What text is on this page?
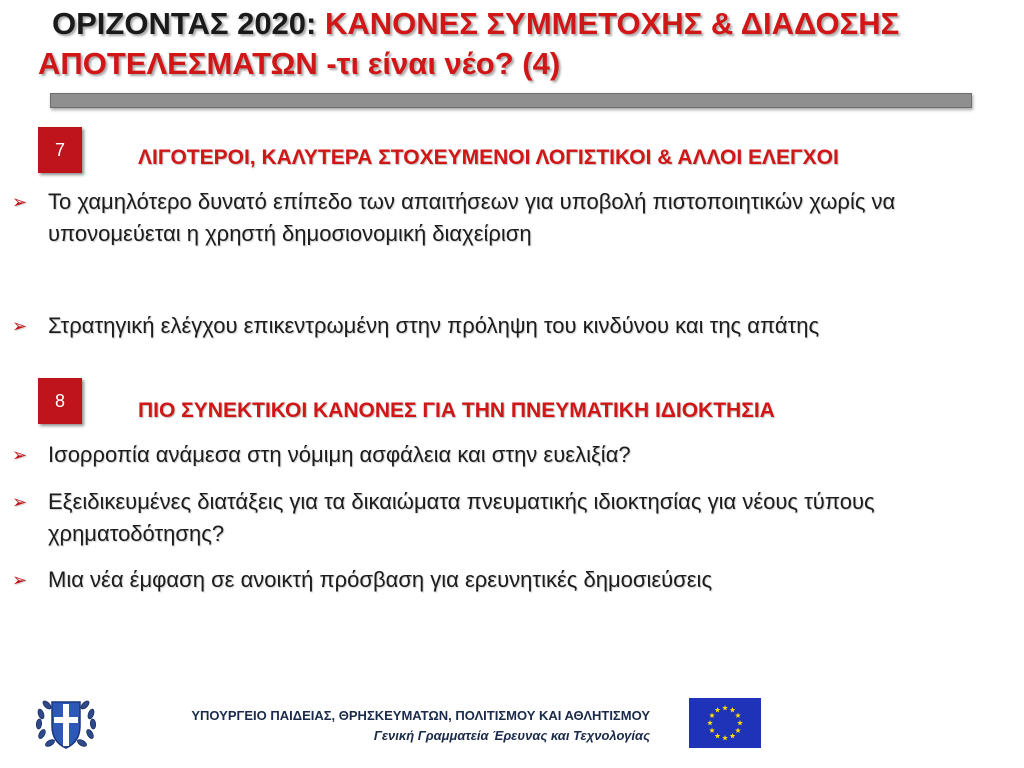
ΟΡΙΖΟΝΤΑΣ 2020: ΚΑΝΟΝΕΣ ΣΥΜΜΕΤΟΧΗΣ & ΔΙΑΔΟΣΗΣ
ΑΠΟΤΕΛΕΣΜΑΤΩΝ -τι είναι νέο? (4)
7	ΛΙΓΟΤΕΡΟΙ, ΚΑΛΥΤΕΡΑ ΣΤΟΧΕΥΜΕΝΟΙ ΛΟΓΙΣΤΙΚΟΙ & ΑΛΛΟΙ ΕΛΕΓΧΟΙ
➢ Το χαμηλότερο δυνατό επίπεδο των απαιτήσεων για υποβολή πιστοποιητικών χωρίς να υπονομεύεται η χρηστή δημοσιονομική διαχείριση
➢ Στρατηγική ελέγχου επικεντρωμένη στην πρόληψη του κινδύνου και της απάτης
8	ΠΙΟ ΣΥΝΕΚΤΙΚΟΙ ΚΑΝΟΝΕΣ ΓΙΑ ΤΗΝ ΠΝΕΥΜΑΤΙΚΗ ΙΔΙΟΚΤΗΣΙΑ
➢ Ισορροπία ανάμεσα στη νόμιμη ασφάλεια και στην ευελιξία?
➢ Εξειδικευμένες διατάξεις για τα δικαιώματα πνευματικής ιδιοκτησίας για νέους τύπους χρηματοδότησης?
➢ Μια νέα έμφαση σε ανοικτή πρόσβαση για ερευνητικές δημοσιεύσεις
ΥΠΟΥΡΓΕΙΟ ΠΑΙΔΕΙΑΣ, ΘΡΗΣΚΕΥΜΑΤΩΝ, ΠΟΛΙΤΙΣΜΟΥ ΚΑΙ ΑΘΛΗΤΙΣΜΟΥ
Γενική Γραμματεία Έρευνας και Τεχνολογίας
